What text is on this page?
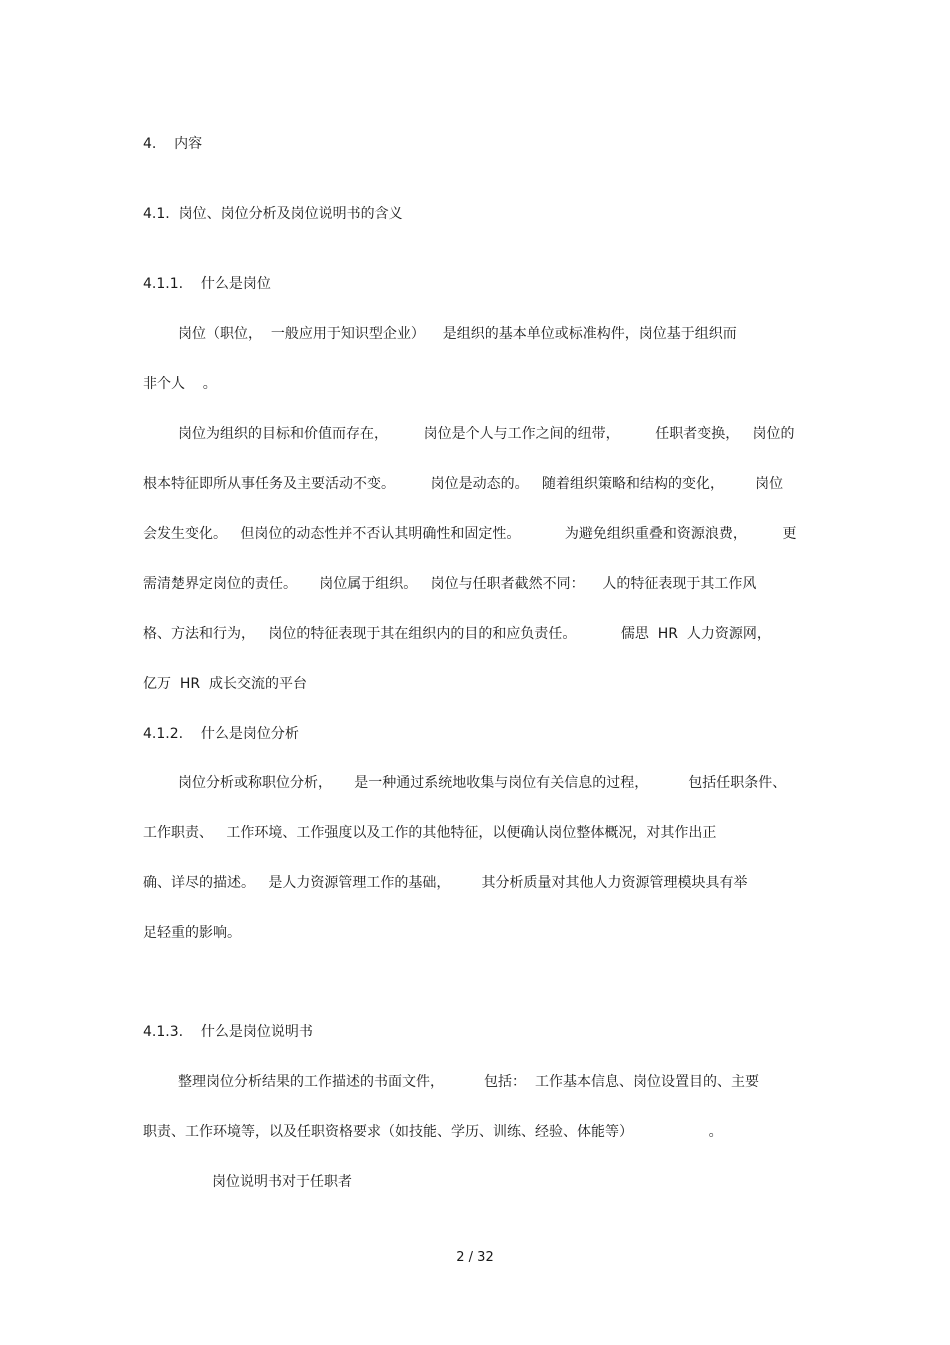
4.    内容
4.1.  岗位、岗位分析及岗位说明书的含义
4.1.1.    什么是岗位
岗位（职位，  一般应用于知识型企业）    是组织的基本单位或标准构件，岗位基于组织而
非个人    。
岗位为组织的目标和价值而存在，        岗位是个人与工作之间的纽带，        任职者变换，   岗位的
根本特征即所从事任务及主要活动不变。        岗位是动态的。   随着组织策略和结构的变化，       岗位
会发生变化。   但岗位的动态性并不否认其明确性和固定性。          为避免组织重叠和资源浪费，        更
需清楚界定岗位的责任。     岗位属于组织。   岗位与任职者截然不同：    人的特征表现于其工作风
格、方法和行为，   岗位的特征表现于其在组织内的目的和应负责任。          儒思  HR  人力资源网，
亿万  HR  成长交流的平台
4.1.2.    什么是岗位分析
岗位分析或称职位分析，     是一种通过系统地收集与岗位有关信息的过程，         包括任职条件、
工作职责、   工作环境、工作强度以及工作的其他特征，以便确认岗位整体概况，对其作出正
确、详尽的描述。   是人力资源管理工作的基础，       其分析质量对其他人力资源管理模块具有举
足轻重的影响。
4.1.3.    什么是岗位说明书
整理岗位分析结果的工作描述的书面文件，         包括：  工作基本信息、岗位设置目的、主要
职责、工作环境等，以及任职资格要求（如技能、学历、训练、经验、体能等）                 。
岗位说明书对于任职者
2 / 32
